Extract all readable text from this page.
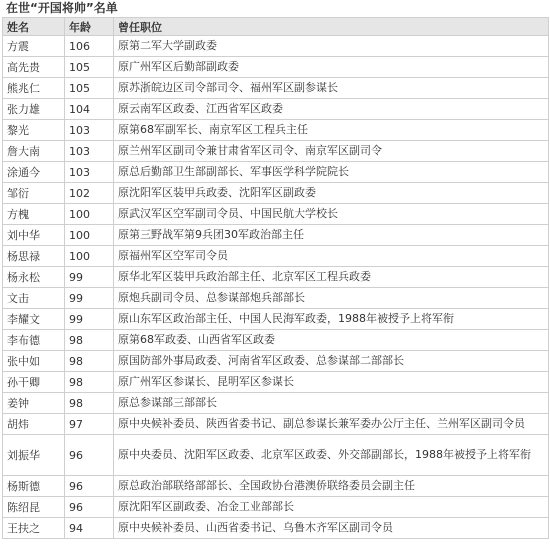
在世“开国将帅”名单
姓名	年龄	曾任职位
方震	106	原第二军大学副政委
高先贵	105	原广州军区后勤部副政委
熊兆仁	105	原苏浙皖边区司令部司令、福州军区副参谋长
张力雄	104	原云南军区政委、江西省军区政委
黎光	103	原第68军副军长、南京军区工程兵主任
詹大南	103	原兰州军区副司令兼甘肃省军区司令、南京军区副司令
涂通今	103	原总后勤部卫生部副部长、军事医学科学院院长
邹衍	102	原沈阳军区装甲兵政委、沈阳军区副政委
方槐	100	原武汉军区空军副司令员、中国民航大学校长
刘中华	100	原第三野战军第9兵团30军政治部主任
杨思禄	100	原福州军区空军司令员
杨永松	99	原华北军区装甲兵政治部主任、北京军区工程兵政委
文击	99	原炮兵副司令员、总参谋部炮兵部部长
李耀文	99	原山东军区政治部主任、中国人民海军政委，1988年被授予上将军衔
李布德	98	原第68军政委、山西省军区政委
张中如	98	原国防部外事局政委、河南省军区政委、总参谋部二部部长
孙干卿	98	原广州军区参谋长、昆明军区参谋长
姜钟	98	原总参谋部三部部长
胡炜	97	原中央候补委员、陕西省委书记、副总参谋长兼军委办公厅主任、兰州军区副司令员
刘振华	96	原中央委员、沈阳军区政委、北京军区政委、外交部副部长，1988年被授予上将军衔
杨斯德	96	原总政治部联络部部长、全国政协台港澳侨联络委员会副主任
陈绍昆	96	原沈阳军区副政委、冶金工业部部长
王扶之	94	原中央候补委员、山西省委书记、乌鲁木齐军区副司令员
